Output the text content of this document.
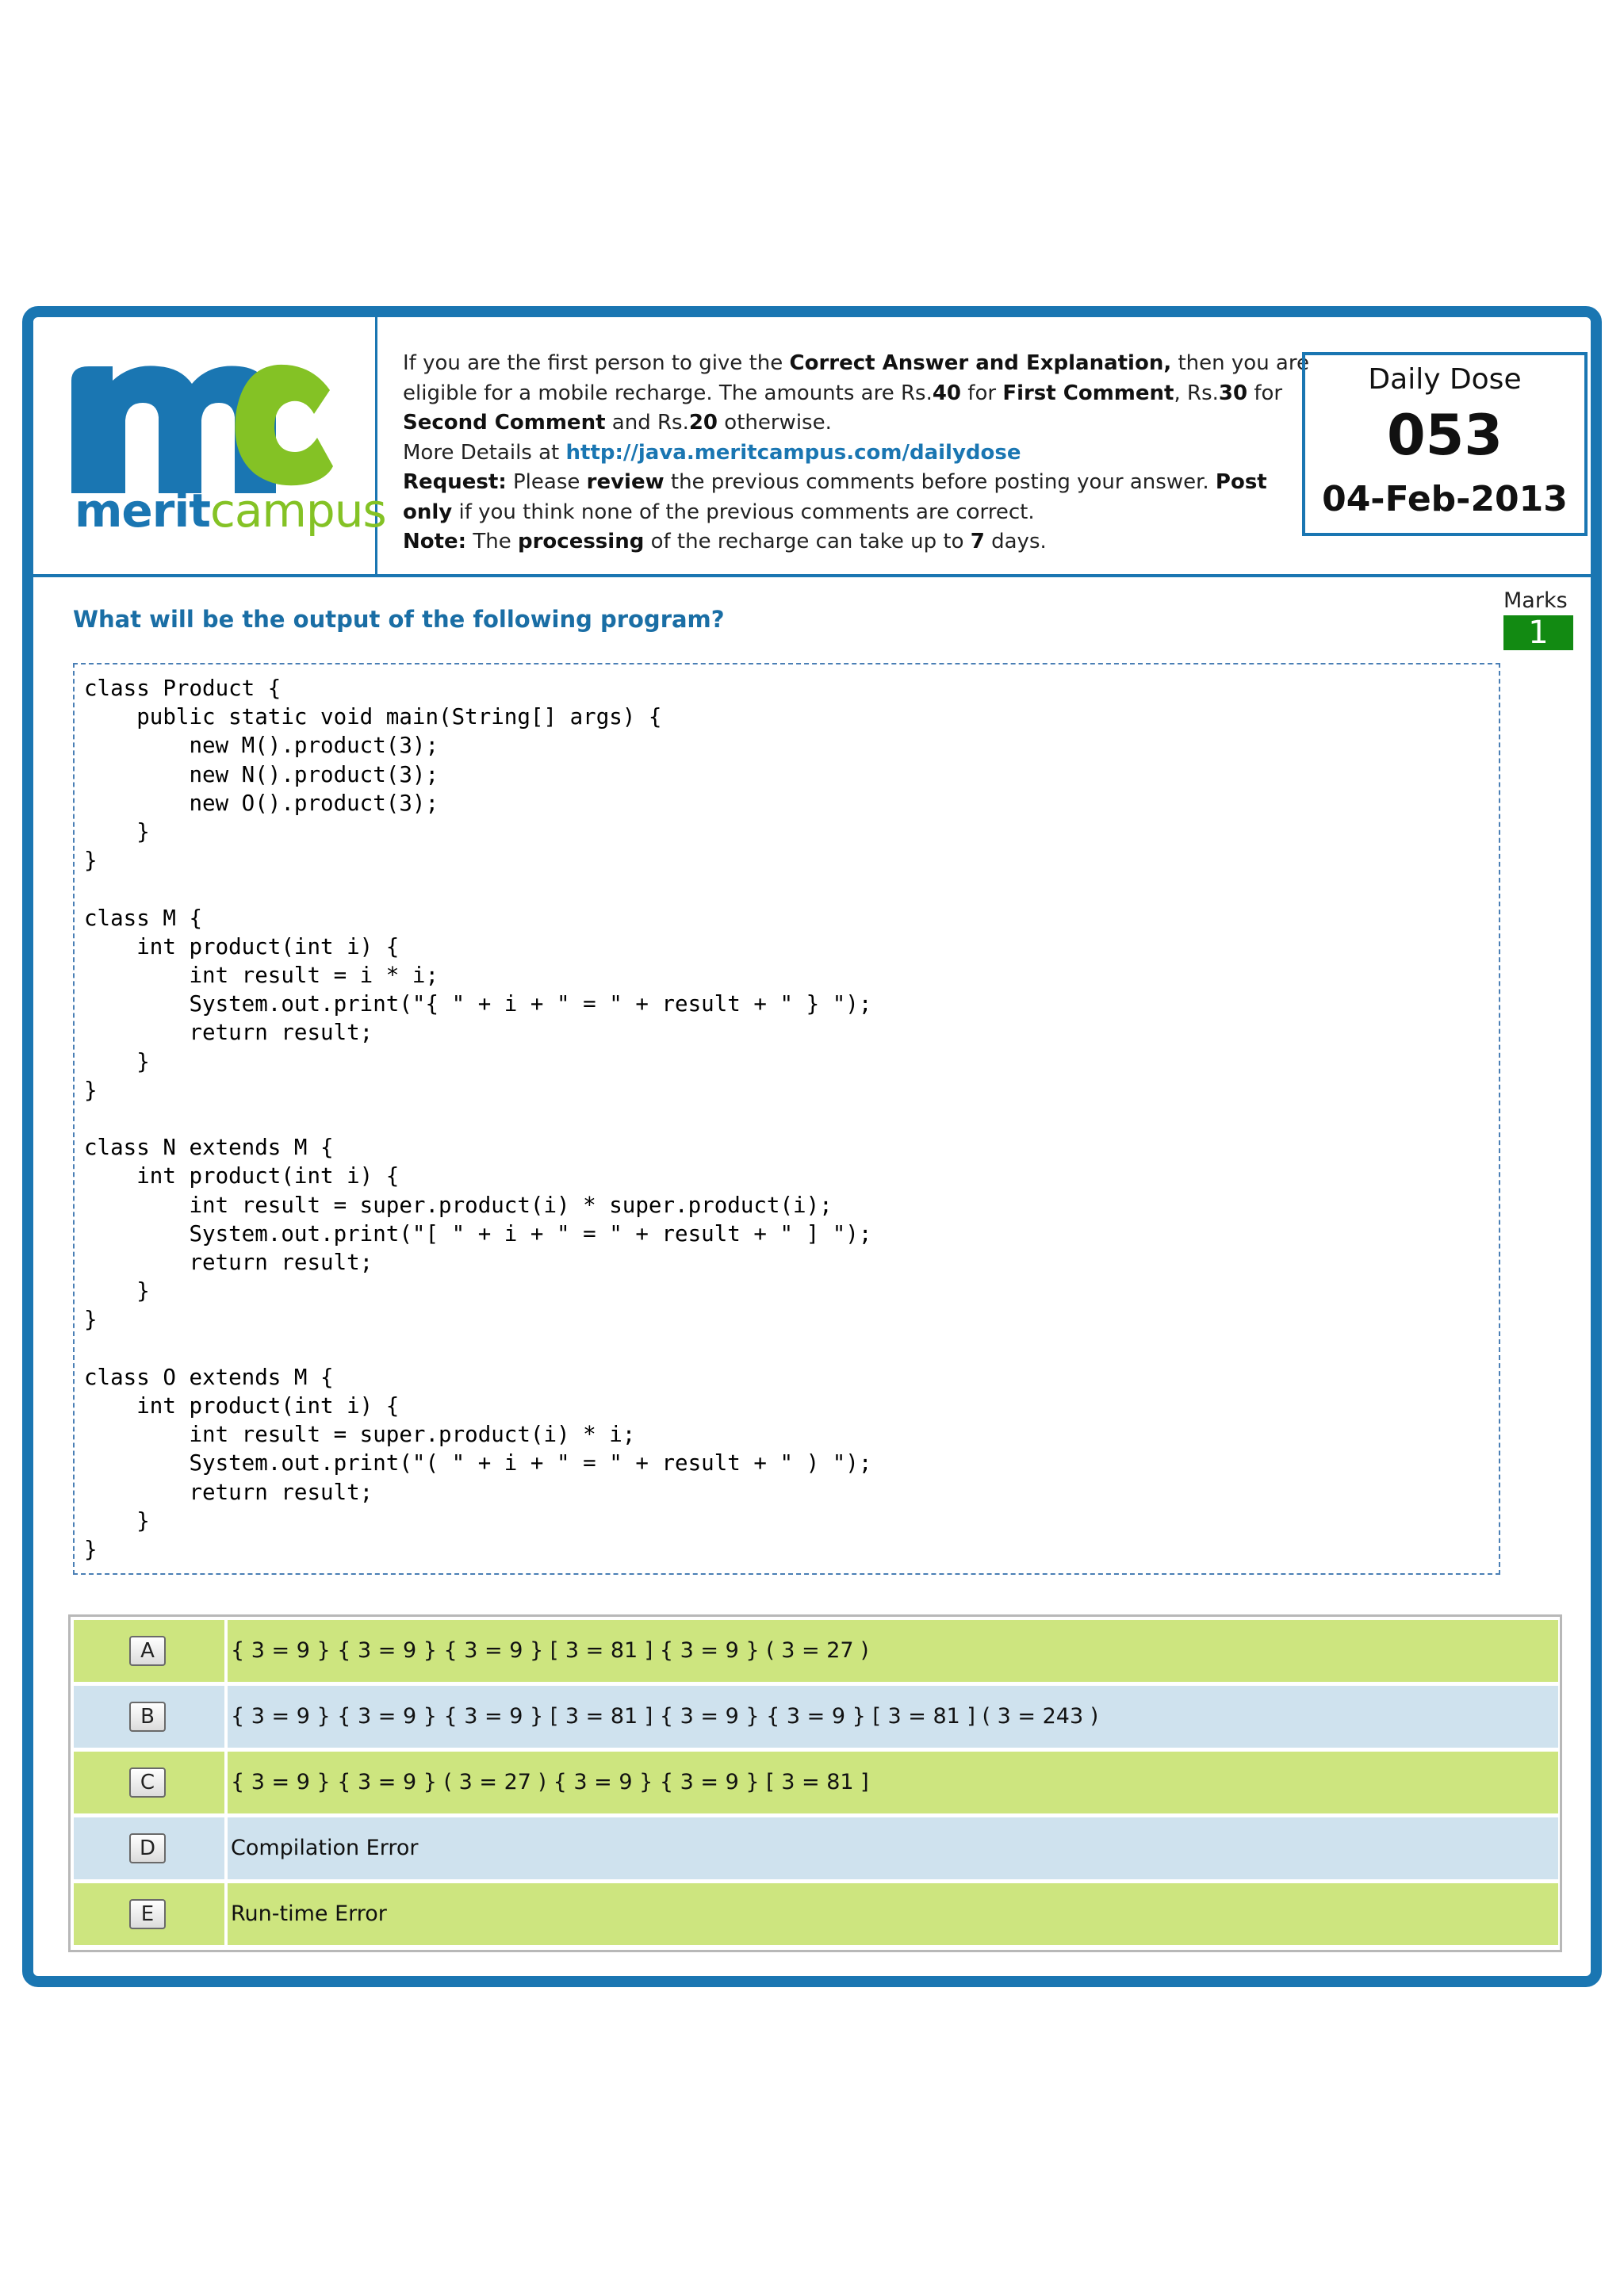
meritcampus

If you are the first person to give the Correct Answer and Explanation, then you are

eligible for a mobile recharge. The amounts are Rs.40 for First Comment, Rs.30 for

Second Comment and Rs.20 otherwise.

More Details at http://java.meritcampus.com/dailydose

Request: Please review the previous comments before posting your answer. Post

only if you think none of the previous comments are correct.

Note: The processing of the recharge can take up to 7 days.

Daily Dose
053
04-Feb-2013
What will be the output of the following program?
Marks
1
class Product {
public static void main(String[] args) {
new M().product(3);
new N().product(3);
new O().product(3);
}
}

class M {
int product(int i) {
int result = i * i;
System.out.print("{ " + i + " = " + result + " } ");
return result;
}
}

class N extends M {
int product(int i) {
int result = super.product(i) * super.product(i);
System.out.print("[ " + i + " = " + result + " ] ");
return result;
}
}

class O extends M {
int product(int i) {
int result = super.product(i) * i;
System.out.print("( " + i + " = " + result + " ) ");
return result;
}
}
A	{ 3 = 9 } { 3 = 9 } { 3 = 9 } [ 3 = 81 ] { 3 = 9 } ( 3 = 27 )
B	{ 3 = 9 } { 3 = 9 } { 3 = 9 } [ 3 = 81 ] { 3 = 9 } { 3 = 9 } [ 3 = 81 ] ( 3 = 243 )
C	{ 3 = 9 } { 3 = 9 } ( 3 = 27 ) { 3 = 9 } { 3 = 9 } [ 3 = 81 ]
D	Compilation Error
E	Run-time Error
